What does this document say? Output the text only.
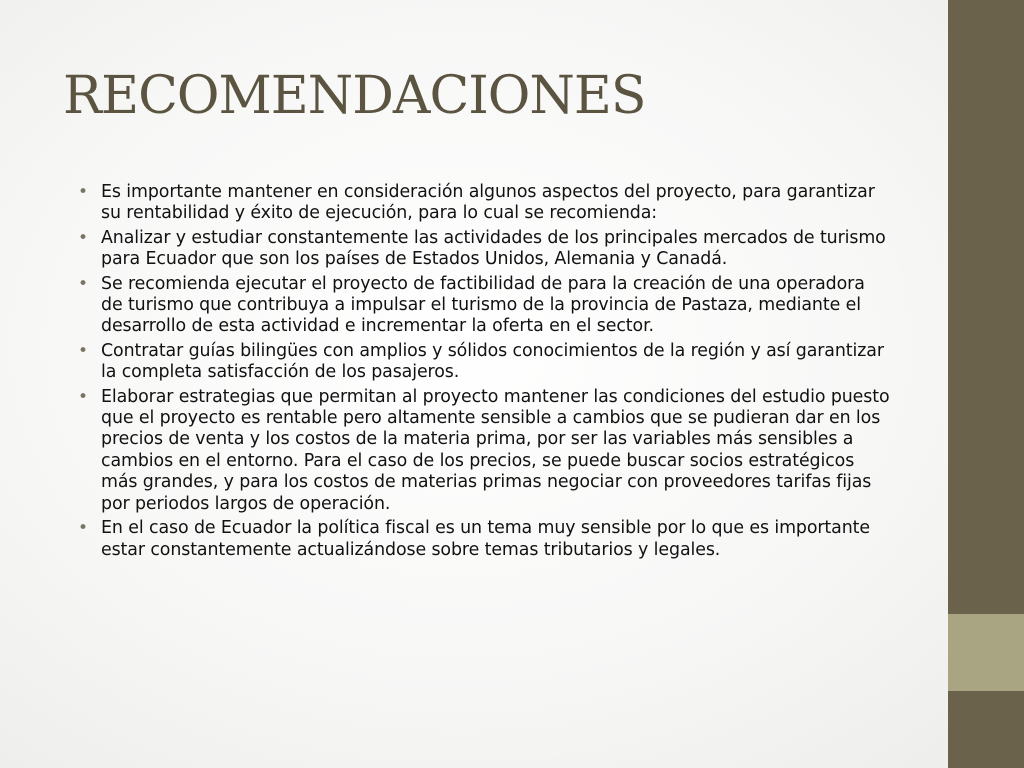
RECOMENDACIONES
• Es importante mantener en consideración algunos aspectos del proyecto, para garantizar su rentabilidad y éxito de ejecución, para lo cual se recomienda:
• Analizar y estudiar constantemente las actividades de los principales mercados de turismo para Ecuador que son los países de Estados Unidos, Alemania y Canadá.
• Se recomienda ejecutar el proyecto de factibilidad de para la creación de una operadora de turismo que contribuya a impulsar el turismo de la provincia de Pastaza, mediante el desarrollo de esta actividad e incrementar la oferta en el sector.
• Contratar guías bilingües con amplios y sólidos conocimientos de la región y así garantizar la completa satisfacción de los pasajeros.
• Elaborar estrategias que permitan al proyecto mantener las condiciones del estudio puesto que el proyecto es rentable pero altamente sensible a cambios que se pudieran dar en los precios de venta y los costos de la materia prima, por ser las variables más sensibles a cambios en el entorno. Para el caso de los precios, se puede buscar socios estratégicos más grandes, y para los costos de materias primas negociar con proveedores tarifas fijas por periodos largos de operación.
• En el caso de Ecuador la política fiscal es un tema muy sensible por lo que es importante estar constantemente actualizándose sobre temas tributarios y legales.
